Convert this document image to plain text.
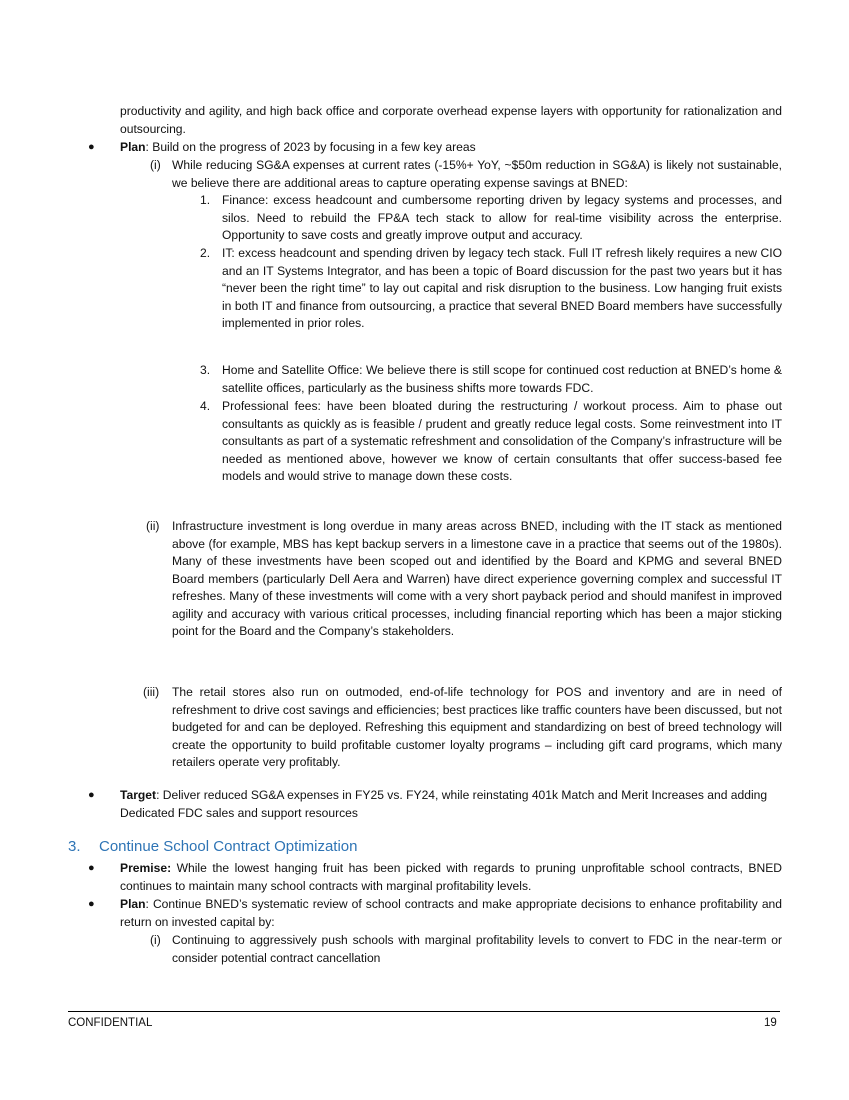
productivity and agility, and high back office and corporate overhead expense layers with opportunity for rationalization and outsourcing.

● Plan: Build on the progress of 2023 by focusing in a few key areas

(i) While reducing SG&A expenses at current rates (-15%+ YoY, ~$50m reduction in SG&A) is likely not sustainable, we believe there are additional areas to capture operating expense savings at BNED:

1. Finance: excess headcount and cumbersome reporting driven by legacy systems and processes, and silos. Need to rebuild the FP&A tech stack to allow for real-time visibility across the enterprise. Opportunity to save costs and greatly improve output and accuracy.

2. IT: excess headcount and spending driven by legacy tech stack. Full IT refresh likely requires a new CIO and an IT Systems Integrator, and has been a topic of Board discussion for the past two years but it has “never been the right time” to lay out capital and risk disruption to the business. Low hanging fruit exists in both IT and finance from outsourcing, a practice that several BNED Board members have successfully implemented in prior roles.

3. Home and Satellite Office: We believe there is still scope for continued cost reduction at BNED’s home & satellite offices, particularly as the business shifts more towards FDC.

4. Professional fees: have been bloated during the restructuring / workout process. Aim to phase out consultants as quickly as is feasible / prudent and greatly reduce legal costs. Some reinvestment into IT consultants as part of a systematic refreshment and consolidation of the Company’s infrastructure will be needed as mentioned above, however we know of certain consultants that offer success-based fee models and would strive to manage down these costs.

(ii) Infrastructure investment is long overdue in many areas across BNED, including with the IT stack as mentioned above (for example, MBS has kept backup servers in a limestone cave in a practice that seems out of the 1980s). Many of these investments have been scoped out and identified by the Board and KPMG and several BNED Board members (particularly Dell Aera and Warren) have direct experience governing complex and successful IT refreshes. Many of these investments will come with a very short payback period and should manifest in improved agility and accuracy with various critical processes, including financial reporting which has been a major sticking point for the Board and the Company’s stakeholders.

(iii) The retail stores also run on outmoded, end-of-life technology for POS and inventory and are in need of refreshment to drive cost savings and efficiencies; best practices like traffic counters have been discussed, but not budgeted for and can be deployed. Refreshing this equipment and standardizing on best of breed technology will create the opportunity to build profitable customer loyalty programs – including gift card programs, which many retailers operate very profitably.

● Target: Deliver reduced SG&A expenses in FY25 vs. FY24, while reinstating 401k Match and Merit Increases and adding Dedicated FDC sales and support resources

3. Continue School Contract Optimization
● Premise: While the lowest hanging fruit has been picked with regards to pruning unprofitable school contracts, BNED continues to maintain many school contracts with marginal profitability levels.

● Plan: Continue BNED’s systematic review of school contracts and make appropriate decisions to enhance profitability and return on invested capital by:

(i) Continuing to aggressively push schools with marginal profitability levels to convert to FDC in the near-term or consider potential contract cancellation

CONFIDENTIAL	19
